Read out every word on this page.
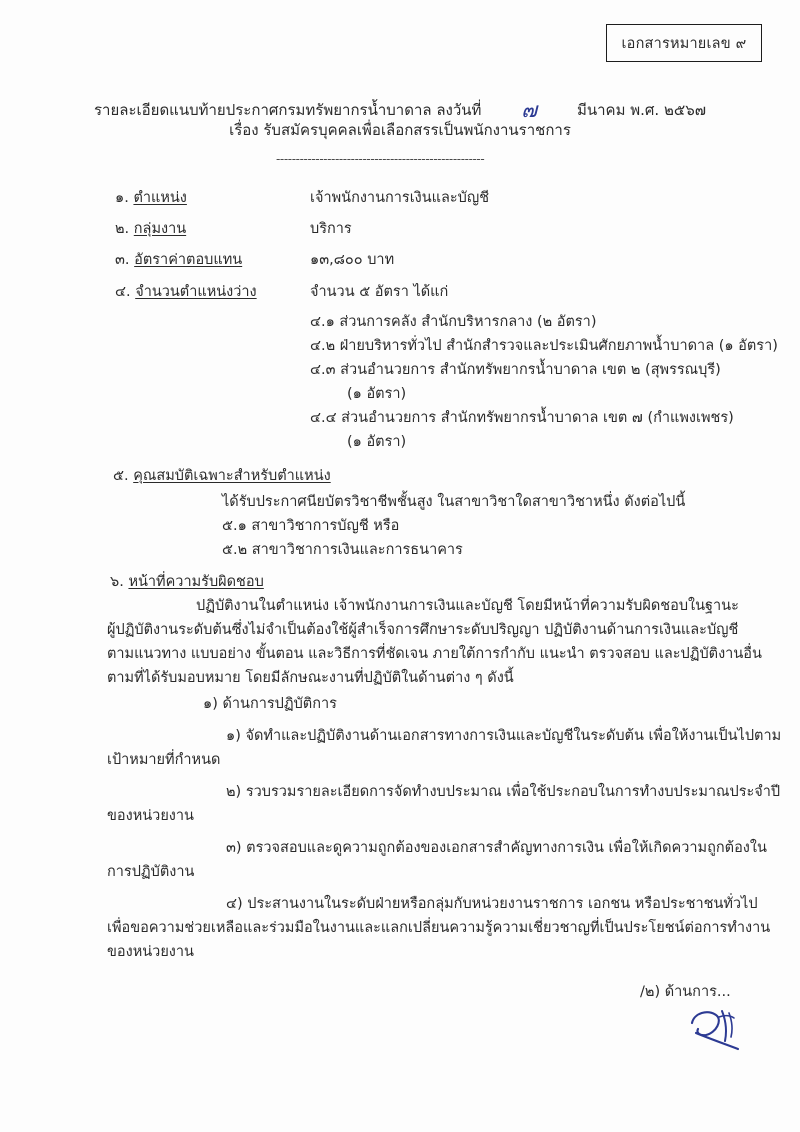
เอกสารหมายเลข ๙
รายละเอียดแนบท้ายประกาศกรมทรัพยากรน้ำบาดาล ลงวันที่ ๗	มีนาคม พ.ศ. ๒๕๖๗
เรื่อง รับสมัครบุคคลเพื่อเลือกสรรเป็นพนักงานราชการ
-----------------------------------------------------
๑. ตำแหน่ง	เจ้าพนักงานการเงินและบัญชี
๒. กลุ่มงาน	บริการ
๓. อัตราค่าตอบแทน	๑๓,๘๐๐ บาท
๔. จำนวนตำแหน่งว่าง	จำนวน ๕ อัตรา ได้แก่
๔.๑ ส่วนการคลัง สำนักบริหารกลาง (๒ อัตรา)
๔.๒ ฝ่ายบริหารทั่วไป สำนักสำรวจและประเมินศักยภาพน้ำบาดาล (๑ อัตรา)
๔.๓ ส่วนอำนวยการ สำนักทรัพยากรน้ำบาดาล เขต ๒ (สุพรรณบุรี)
(๑ อัตรา)
๔.๔ ส่วนอำนวยการ สำนักทรัพยากรน้ำบาดาล เขต ๗ (กำแพงเพชร)
(๑ อัตรา)
๕. คุณสมบัติเฉพาะสำหรับตำแหน่ง
ได้รับประกาศนียบัตรวิชาชีพชั้นสูง ในสาขาวิชาใดสาขาวิชาหนึ่ง ดังต่อไปนี้
๕.๑ สาขาวิชาการบัญชี หรือ
๕.๒ สาขาวิชาการเงินและการธนาคาร
๖. หน้าที่ความรับผิดชอบ
ปฏิบัติงานในตำแหน่ง เจ้าพนักงานการเงินและบัญชี โดยมีหน้าที่ความรับผิดชอบในฐานะ
ผู้ปฏิบัติงานระดับต้นซึ่งไม่จำเป็นต้องใช้ผู้สำเร็จการศึกษาระดับปริญญา ปฏิบัติงานด้านการเงินและบัญชี
ตามแนวทาง แบบอย่าง ขั้นตอน และวิธีการที่ชัดเจน ภายใต้การกำกับ แนะนำ ตรวจสอบ และปฏิบัติงานอื่น
ตามที่ได้รับมอบหมาย โดยมีลักษณะงานที่ปฏิบัติในด้านต่าง ๆ ดังนี้
๑) ด้านการปฏิบัติการ
๑) จัดทำและปฏิบัติงานด้านเอกสารทางการเงินและบัญชีในระดับต้น เพื่อให้งานเป็นไปตาม
เป้าหมายที่กำหนด
๒) รวบรวมรายละเอียดการจัดทำงบประมาณ เพื่อใช้ประกอบในการทำงบประมาณประจำปี
ของหน่วยงาน
๓) ตรวจสอบและดูความถูกต้องของเอกสารสำคัญทางการเงิน เพื่อให้เกิดความถูกต้องใน
การปฏิบัติงาน
๔) ประสานงานในระดับฝ่ายหรือกลุ่มกับหน่วยงานราชการ เอกชน หรือประชาชนทั่วไป
เพื่อขอความช่วยเหลือและร่วมมือในงานและแลกเปลี่ยนความรู้ความเชี่ยวชาญที่เป็นประโยชน์ต่อการทำงาน
ของหน่วยงาน
/๒) ด้านการ...
